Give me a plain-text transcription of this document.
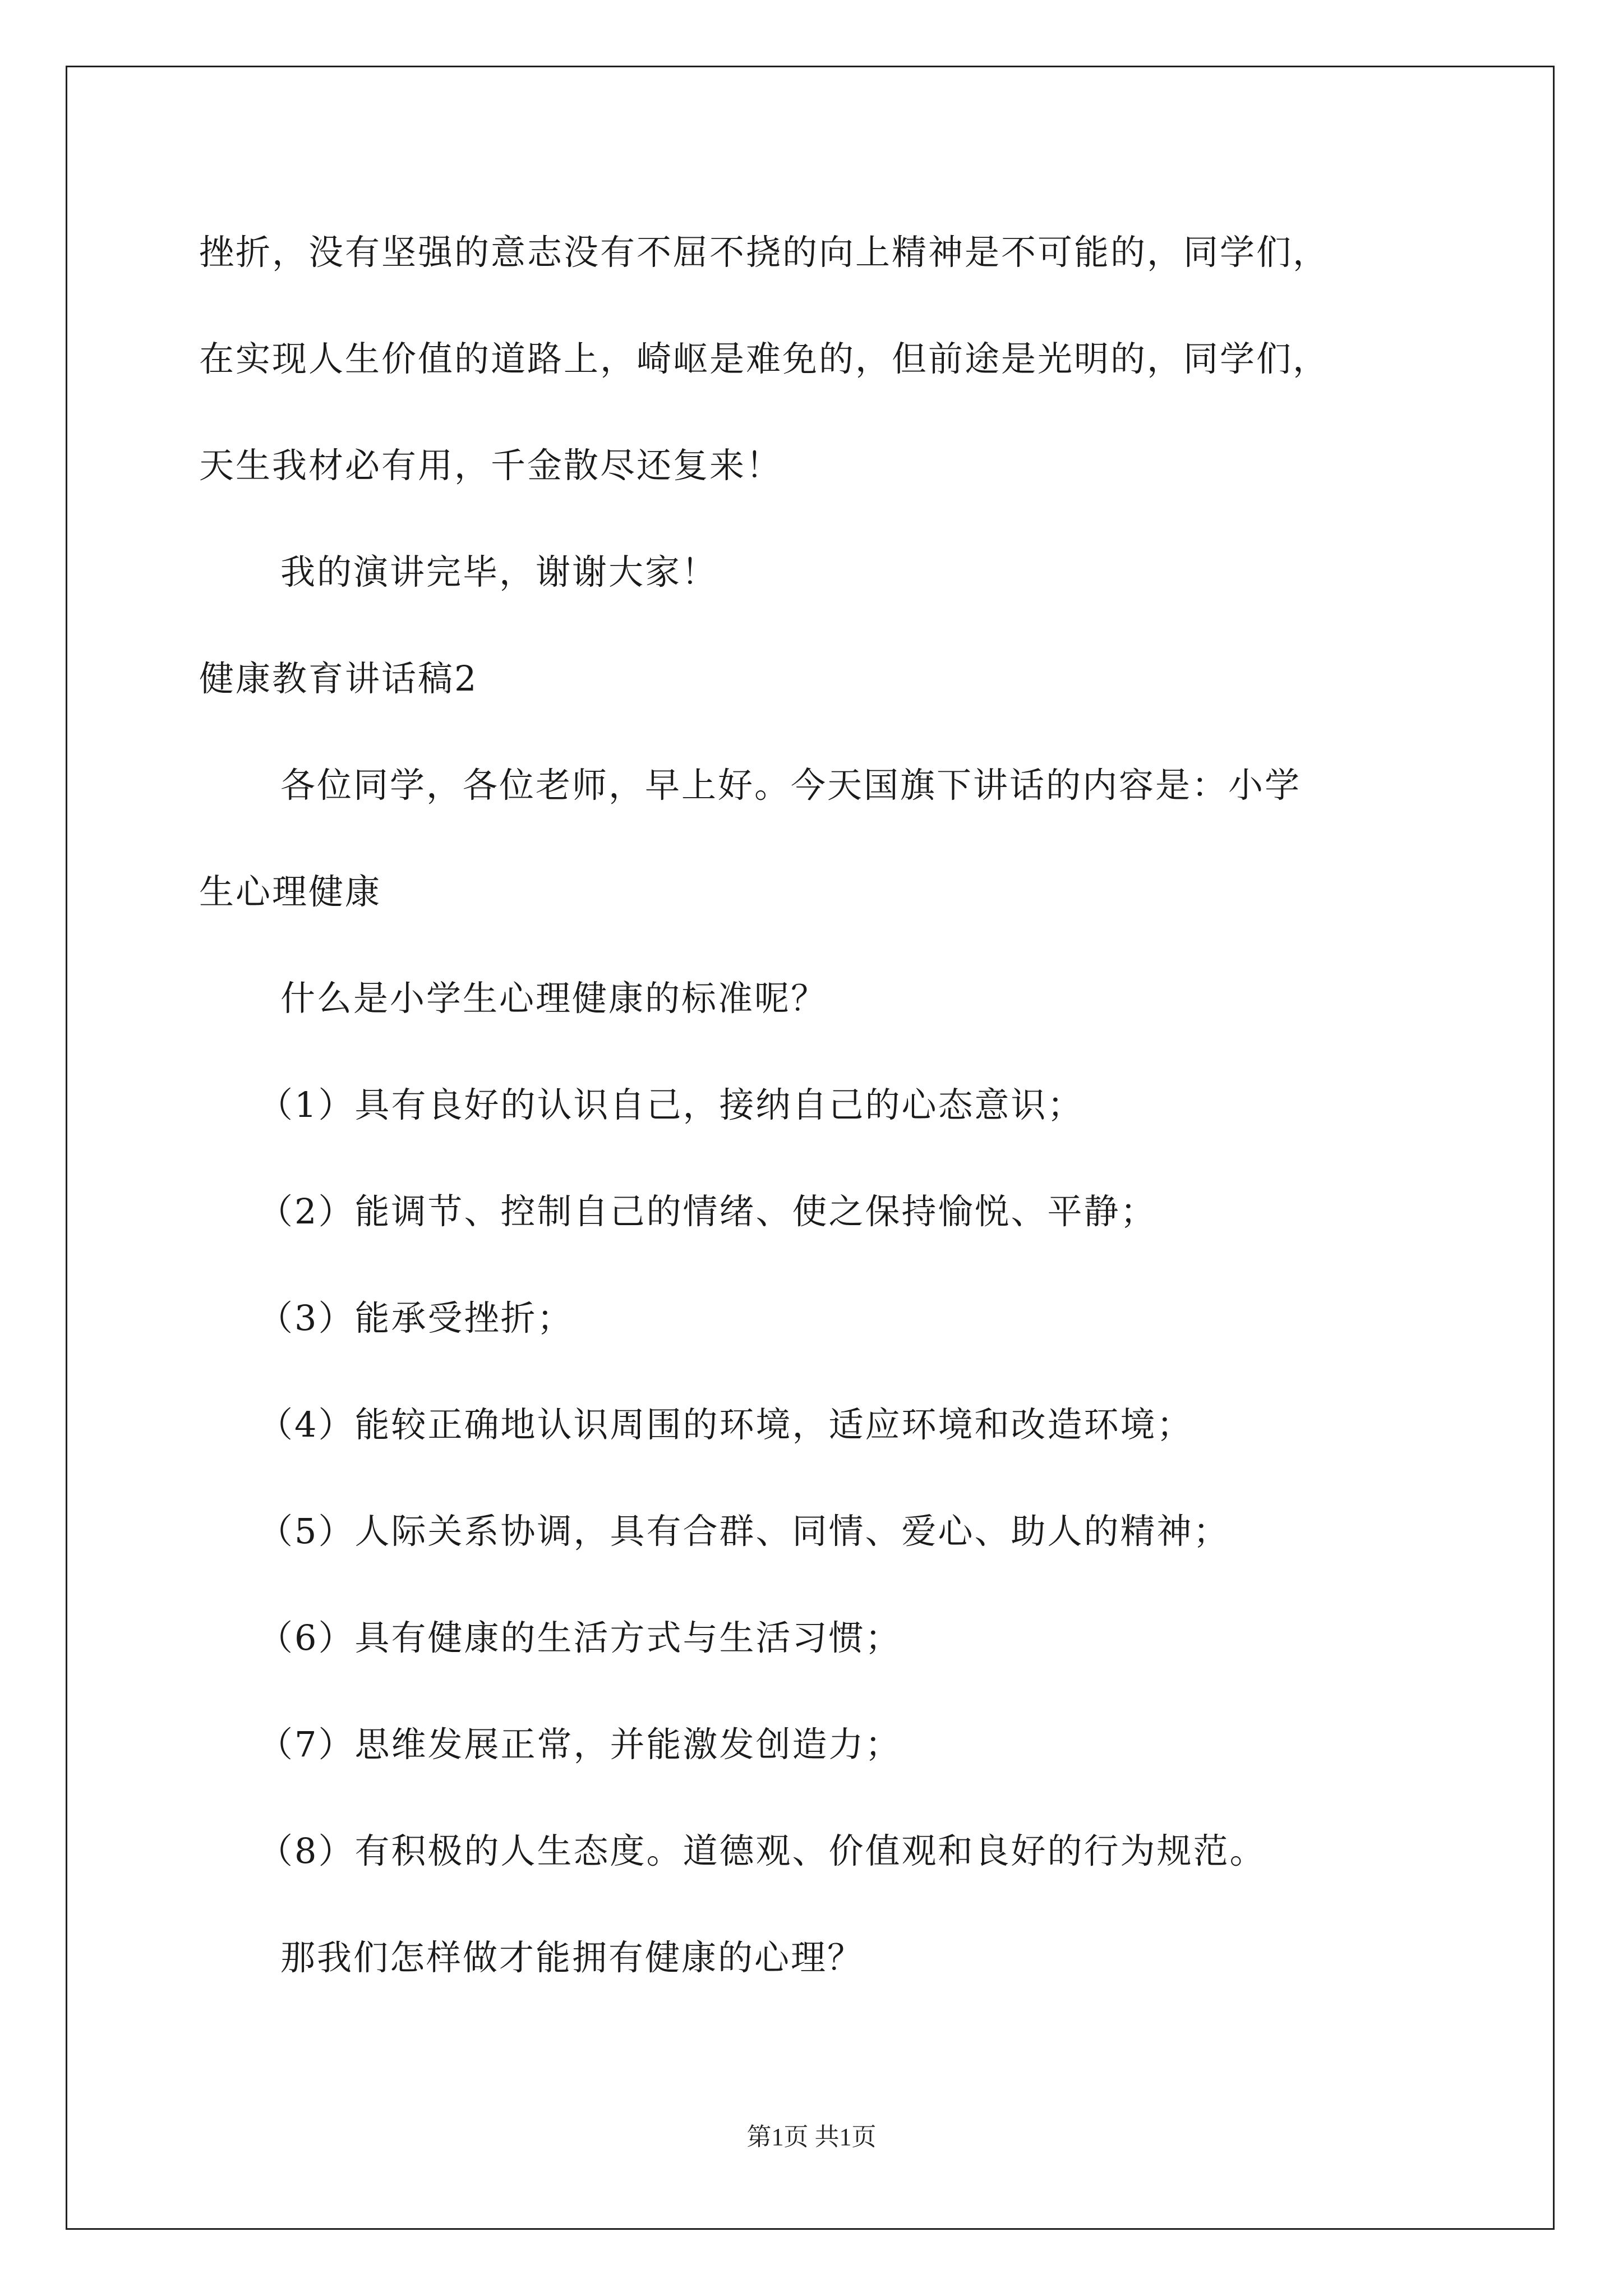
挫折，没有坚强的意志没有不屈不挠的向上精神是不可能的，同学们，
在实现人生价值的道路上，崎岖是难免的，但前途是光明的，同学们，
天生我材必有用，千金散尽还复来！
我的演讲完毕，谢谢大家！
健康教育讲话稿2
各位同学，各位老师，早上好。今天国旗下讲话的内容是：小学
生心理健康
什么是小学生心理健康的标准呢？
（1）具有良好的认识自己，接纳自己的心态意识；
（2）能调节、控制自己的情绪、使之保持愉悦、平静；
（3）能承受挫折；
（4）能较正确地认识周围的环境，适应环境和改造环境；
（5）人际关系协调，具有合群、同情、爱心、助人的精神；
（6）具有健康的生活方式与生活习惯；
（7）思维发展正常，并能激发创造力；
（8）有积极的人生态度。道德观、价值观和良好的行为规范。
那我们怎样做才能拥有健康的心理？
第1页 共1页
